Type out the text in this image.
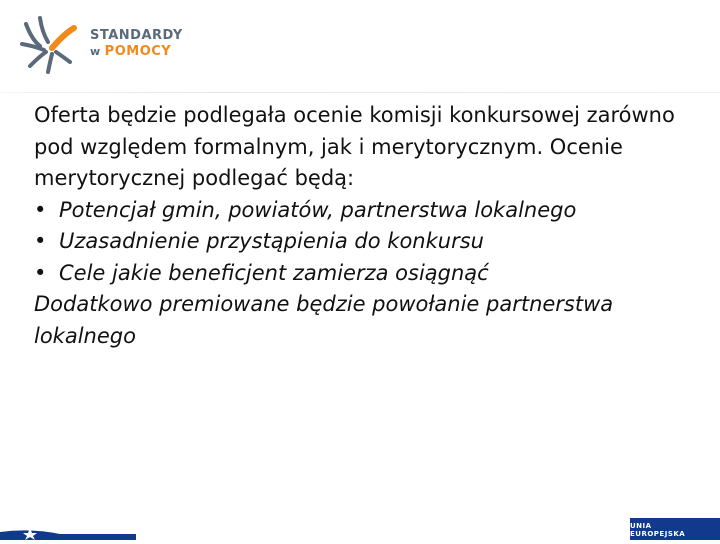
STANDARDY
w POMOCY

Oferta będzie podlegała ocenie komisji konkursowej zarówno pod względem formalnym, jak i merytorycznym. Ocenie merytorycznej podlegać będą:

• Potencjał gmin, powiatów, partnerstwa lokalnego
• Uzasadnienie przystąpienia do konkursu
• Cele jakie beneficjent zamierza osiągnąć

Dodatkowo premiowane będzie powołanie partnerstwa lokalnego

UNIA EUROPEJSKA
